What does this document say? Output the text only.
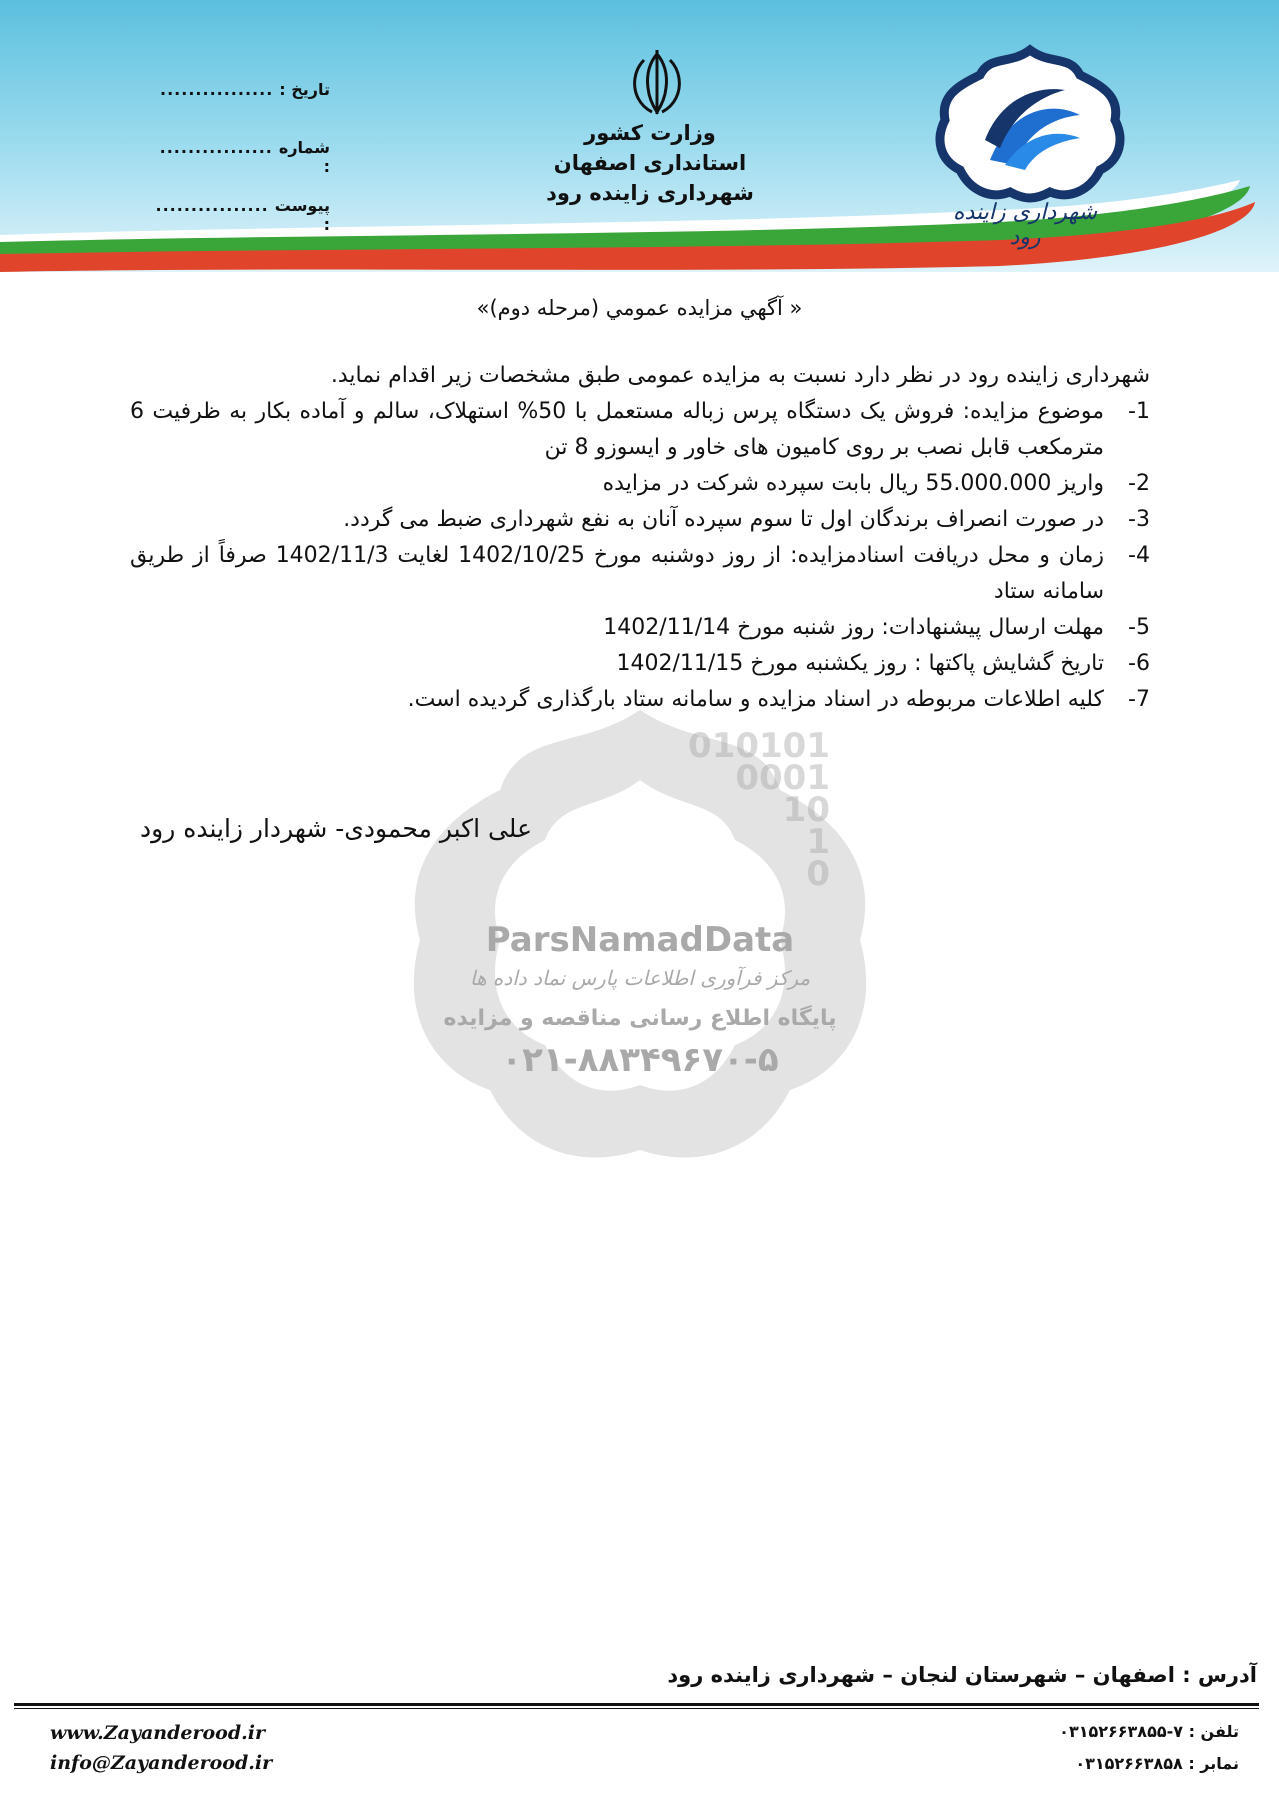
شهرداری زاینده رود
وزارت کشور
استانداری اصفهان
شهرداری زاینده رود
تاریخ :
................
شماره :
................
پیوست :
................
010101
0001
10
1
0
ParsNamadData
مرکز فرآوری اطلاعات پارس نماد داده ها
پایگاه اطلاع رسانی مناقصه و مزایده
۰۲۱-۸۸۳۴۹۶۷۰-۵
« آگهي مزايده عمومي (مرحله دوم)»

شهرداری زاینده رود در نظر دارد نسبت به مزایده عمومی طبق مشخصات زیر اقدام نماید.

1-
موضوع مزایده: فروش یک دستگاه پرس زباله مستعمل با 50% استهلاک، سالم و آماده بکار به ظرفیت 6 مترمکعب قابل نصب بر روی کامیون های خاور و ایسوزو 8 تن
2-
واریز 55.000.000 ریال بابت سپرده شرکت در مزایده
3-
در صورت انصراف برندگان اول تا سوم سپرده آنان به نفع شهرداری ضبط می گردد.
4-
زمان و محل دریافت اسنادمزایده: از روز دوشنبه مورخ 1402/10/25 لغایت 1402/11/3 صرفاً از طریق سامانه ستاد
5-
مهلت ارسال پیشنهادات: روز شنبه مورخ 1402/11/14
6-
تاریخ گشایش پاکتها : روز یکشنبه مورخ 1402/11/15
7-
کلیه اطلاعات مربوطه در اسناد مزایده و سامانه ستاد بارگذاری گردیده است.
علی اکبر محمودی- شهردار زاینده رود
آدرس : اصفهان – شهرستان لنجان – شهرداری زاینده رود
www.Zayanderood.ir
info@Zayanderood.ir
تلفن : ۷-۰۳۱۵۲۶۶۳۸۵۵
نمابر : ۰۳۱۵۲۶۶۳۸۵۸
